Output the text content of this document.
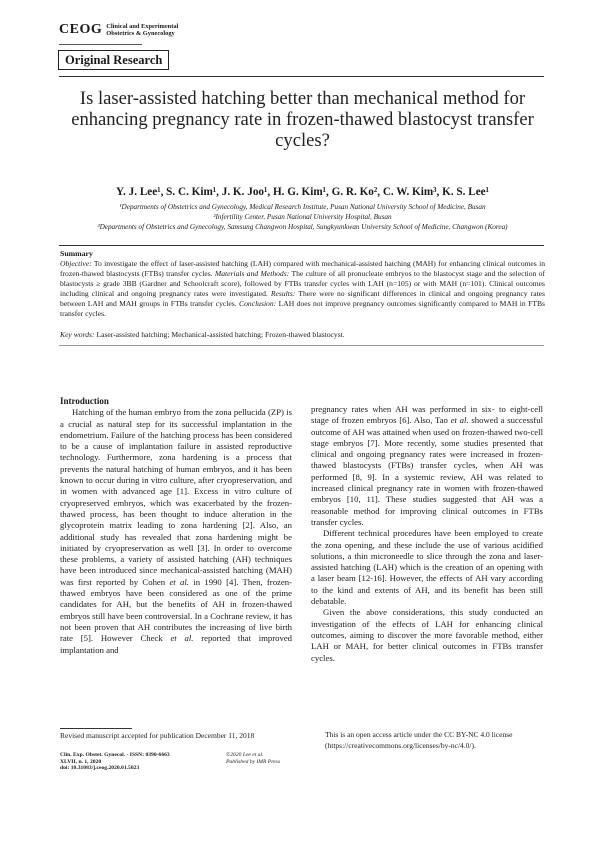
CEOG Clinical and Experimental
Obstetrics & Gynecology
Original Research
Is laser-assisted hatching better than mechanical method for enhancing pregnancy rate in frozen-thawed blastocyst transfer cycles?
Y. J. Lee¹, S. C. Kim¹, J. K. Joo¹, H. G. Kim¹, G. R. Ko², C. W. Kim³, K. S. Lee¹
¹Departments of Obstetrics and Gynecology, Medical Research Institute, Pusan National University School of Medicine, Busan
²Infertility Center, Pusan National University Hospital, Busan
³Departments of Obstetrics and Gynecology, Samsung Changwon Hospital, Sungkyunkwan University School of Medicine, Changwon (Korea)
Summary
Objective: To investigate the effect of laser-assisted hatching (LAH) compared with mechanical-assisted hatching (MAH) for enhancing clinical outcomes in frozen-thawed blastocysts (FTBs) transfer cycles. Materials and Methods: The culture of all pronucleate embryos to the blastocyst stage and the selection of blastocysts ≥ grade 3BB (Gardner and Schoolcraft score), followed by FTBs transfer cycles with LAH (n=105) or with MAH (n=101). Clinical outcomes including clinical and ongoing pregnancy rates were investigated. Results: There were no significant differences in clinical and ongoing pregnancy rates between LAH and MAH groups in FTBs transfer cycles. Conclusion: LAH does not improve pregnancy outcomes significantly compared to MAH in FTBs transfer cycles.
Key words: Laser-assisted hatching; Mechanical-assisted hatching; Frozen-thawed blastocyst.

Introduction

Hatching of the human embryo from the zona pellucida (ZP) is a crucial as natural step for its successful implantation in the endometrium. Failure of the hatching process has been considered to be a cause of implantation failure in assisted reproductive technology. Furthermore, zona hardening is a process that prevents the natural hatching of human embryos, and it has been known to occur during in vitro culture, after cryopreservation, and in women with advanced age [1]. Excess in vitro culture of cryopreserved embryos, which was exacerbated by the frozen-thawed process, has been thought to induce alteration in the glycoprotein matrix leading to zona hardening [2]. Also, an additional study has revealed that zona hardening might be initiated by cryopreservation as well [3]. In order to overcome these problems, a variety of assisted hatching (AH) techniques have been introduced since mechanical-assisted hatching (MAH) was first reported by Cohen et al. in 1990 [4]. Then, frozen-thawed embryos have been considered as one of the prime candidates for AH, but the benefits of AH in frozen-thawed embryos still have been controversial. In a Cochrane review, it has not been proven that AH contributes the increasing of live birth rate [5]. However Check et al. reported that improved implantation and

pregnancy rates when AH was performed in six- to eight-cell stage of frozen embryos [6]. Also, Tao et al. showed a successful outcome of AH was attained when used on frozen-thawed two-cell stage embryos [7]. More recently, some studies presented that clinical and ongoing pregnancy rates were increased in frozen-thawed blastocysts (FTBs) transfer cycles, when AH was performed [8, 9]. In a systemic review, AH was related to increased clinical pregnancy rate in women with frozen-thawed embryos [10, 11]. These studies suggested that AH was a reasonable method for improving clinical outcomes in FTBs transfer cycles.

Different technical procedures have been employed to create the zona opening, and these include the use of various acidified solutions, a thin microneedle to slice through the zona and laser-assisted hatching (LAH) which is the creation of an opening with a laser beam [12-16]. However, the effects of AH vary according to the kind and extents of AH, and its benefit has been still debatable.

Given the above considerations, this study conducted an investigation of the effects of LAH for enhancing clinical outcomes, aiming to discover the more favorable method, either LAH or MAH, for better clinical outcomes in FTBs transfer cycles.

Revised manuscript accepted for publication December 11, 2018	This is an open access article under the CC BY-NC 4.0 license (https://creativecommons.org/licenses/by-nc/4.0/).
Clin. Exp. Obstet. Gynecol. - ISSN: 0390-6663
XLVII, n. 1, 2020
doi: 10.31083/j.ceog.2020.01.5023
©2020 Lee et al.
Published by IMR Press
